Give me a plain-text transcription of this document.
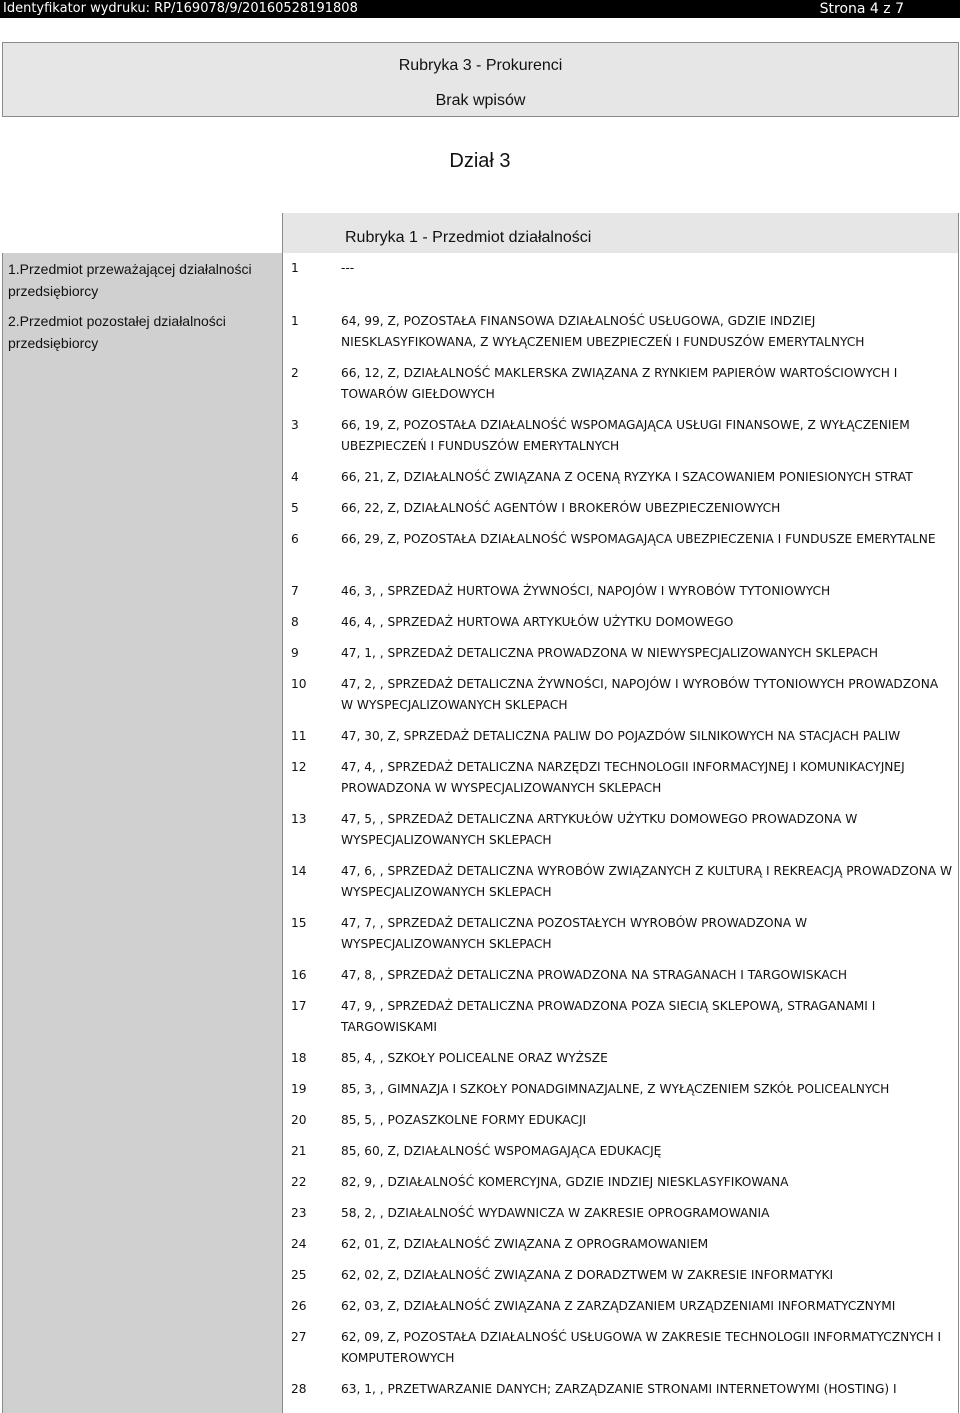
Identyfikator wydruku: RP/169078/9/20160528191808	Strona 4 z 7
Rubryka 3 - Prokurenci
Brak wpisów
Dział 3
Rubryka 1 - Przedmiot działalności
1.Przedmiot przeważającej działalności przedsiębiorcy
2.Przedmiot pozostałej działalności przedsiębiorcy
1	---
1	64, 99, Z, POZOSTAŁA FINANSOWA DZIAŁALNOŚĆ USŁUGOWA, GDZIE INDZIEJ NIESKLASYFIKOWANA, Z WYŁĄCZENIEM UBEZPIECZEŃ I FUNDUSZÓW EMERYTALNYCH
2	66, 12, Z, DZIAŁALNOŚĆ MAKLERSKA ZWIĄZANA Z RYNKIEM PAPIERÓW WARTOŚCIOWYCH I TOWARÓW GIEŁDOWYCH
3	66, 19, Z, POZOSTAŁA DZIAŁALNOŚĆ WSPOMAGAJĄCA USŁUGI FINANSOWE, Z WYŁĄCZENIEM UBEZPIECZEŃ I FUNDUSZÓW EMERYTALNYCH
4	66, 21, Z, DZIAŁALNOŚĆ ZWIĄZANA Z OCENĄ RYZYKA I SZACOWANIEM PONIESIONYCH STRAT
5	66, 22, Z, DZIAŁALNOŚĆ AGENTÓW I BROKERÓW UBEZPIECZENIOWYCH
6	66, 29, Z, POZOSTAŁA DZIAŁALNOŚĆ WSPOMAGAJĄCA UBEZPIECZENIA I FUNDUSZE EMERYTALNE
7	46, 3, , SPRZEDAŻ HURTOWA ŻYWNOŚCI, NAPOJÓW I WYROBÓW TYTONIOWYCH
8	46, 4, , SPRZEDAŻ HURTOWA ARTYKUŁÓW UŻYTKU DOMOWEGO
9	47, 1, , SPRZEDAŻ DETALICZNA PROWADZONA W NIEWYSPECJALIZOWANYCH SKLEPACH
10	47, 2, , SPRZEDAŻ DETALICZNA ŻYWNOŚCI, NAPOJÓW I WYROBÓW TYTONIOWYCH PROWADZONA W WYSPECJALIZOWANYCH SKLEPACH
11	47, 30, Z, SPRZEDAŻ DETALICZNA PALIW DO POJAZDÓW SILNIKOWYCH NA STACJACH PALIW
12	47, 4, , SPRZEDAŻ DETALICZNA NARZĘDZI TECHNOLOGII INFORMACYJNEJ I KOMUNIKACYJNEJ PROWADZONA W WYSPECJALIZOWANYCH SKLEPACH
13	47, 5, , SPRZEDAŻ DETALICZNA ARTYKUŁÓW UŻYTKU DOMOWEGO PROWADZONA W WYSPECJALIZOWANYCH SKLEPACH
14	47, 6, , SPRZEDAŻ DETALICZNA WYROBÓW ZWIĄZANYCH Z KULTURĄ I REKREACJĄ PROWADZONA W WYSPECJALIZOWANYCH SKLEPACH
15	47, 7, , SPRZEDAŻ DETALICZNA POZOSTAŁYCH WYROBÓW PROWADZONA W WYSPECJALIZOWANYCH SKLEPACH
16	47, 8, , SPRZEDAŻ DETALICZNA PROWADZONA NA STRAGANACH I TARGOWISKACH
17	47, 9, , SPRZEDAŻ DETALICZNA PROWADZONA POZA SIECIĄ SKLEPOWĄ, STRAGANAMI I TARGOWISKAMI
18	85, 4, , SZKOŁY POLICEALNE ORAZ WYŻSZE
19	85, 3, , GIMNAZJA I SZKOŁY PONADGIMNAZJALNE, Z WYŁĄCZENIEM SZKÓŁ POLICEALNYCH
20	85, 5, , POZASZKOLNE FORMY EDUKACJI
21	85, 60, Z, DZIAŁALNOŚĆ WSPOMAGAJĄCA EDUKACJĘ
22	82, 9, , DZIAŁALNOŚĆ KOMERCYJNA, GDZIE INDZIEJ NIESKLASYFIKOWANA
23	58, 2, , DZIAŁALNOŚĆ WYDAWNICZA W ZAKRESIE OPROGRAMOWANIA
24	62, 01, Z, DZIAŁALNOŚĆ ZWIĄZANA Z OPROGRAMOWANIEM
25	62, 02, Z, DZIAŁALNOŚĆ ZWIĄZANA Z DORADZTWEM W ZAKRESIE INFORMATYKI
26	62, 03, Z, DZIAŁALNOŚĆ ZWIĄZANA Z ZARZĄDZANIEM URZĄDZENIAMI INFORMATYCZNYMI
27	62, 09, Z, POZOSTAŁA DZIAŁALNOŚĆ USŁUGOWA W ZAKRESIE TECHNOLOGII INFORMATYCZNYCH I KOMPUTEROWYCH
28	63, 1, , PRZETWARZANIE DANYCH; ZARZĄDZANIE STRONAMI INTERNETOWYMI (HOSTING) I
